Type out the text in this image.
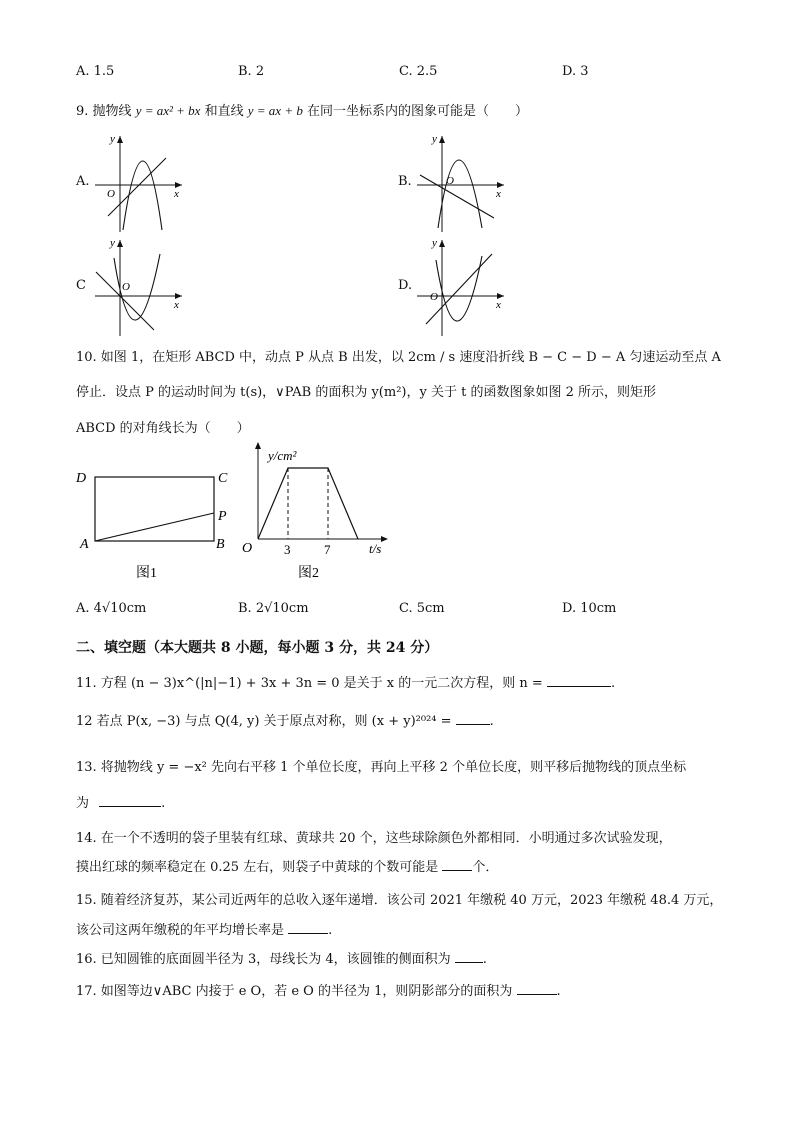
A. 1.5	B. 2	C. 2.5	D. 3
9. 抛物线 y = ax² + bx 和直线 y = ax + b 在同一坐标系内的图象可能是（　　）
A.	B.
C	D.
y
x
O
y
x
O
y
x
O
y
x
O
10. 如图 1，在矩形 ABCD 中，动点 P 从点 B 出发，以 2cm / s 速度沿折线 B − C − D − A 匀速运动至点 A
停止．设点 P 的运动时间为 t(s)，∨PAB 的面积为 y(m²)，y 关于 t 的函数图象如图 2 所示，则矩形
ABCD 的对角线长为（　　）
D	C
P
A	B
图1
y/cm²
t/s
O 3	7
图2
A. 4√10cm	B. 2√10cm	C. 5cm	D. 10cm
二、填空题（本大题共 8 小题，每小题 3 分，共 24 分）
11. 方程 (n − 3)x^(|n|−1) + 3x + 3n = 0 是关于 x 的一元二次方程，则 n =	.
12 若点 P(x, −3) 与点 Q(4, y) 关于原点对称，则 (x + y)²⁰²⁴ =	.
13. 将抛物线 y = −x² 先向右平移 1 个单位长度，再向上平移 2 个单位长度，则平移后抛物线的顶点坐标
为	.
14. 在一个不透明的袋子里装有红球、黄球共 20 个，这些球除颜色外都相同．小明通过多次试验发现，
摸出红球的频率稳定在 0.25 左右，则袋子中黄球的个数可能是	个．
15. 随着经济复苏，某公司近两年的总收入逐年递增．该公司 2021 年缴税 40 万元，2023 年缴税 48.4 万元，
该公司这两年缴税的年平均增长率是	.
16. 已知圆锥的底面圆半径为 3，母线长为 4，该圆锥的侧面积为 .
17. 如图等边∨ABC 内接于 e O，若 e O 的半径为 1，则阴影部分的面积为	.
